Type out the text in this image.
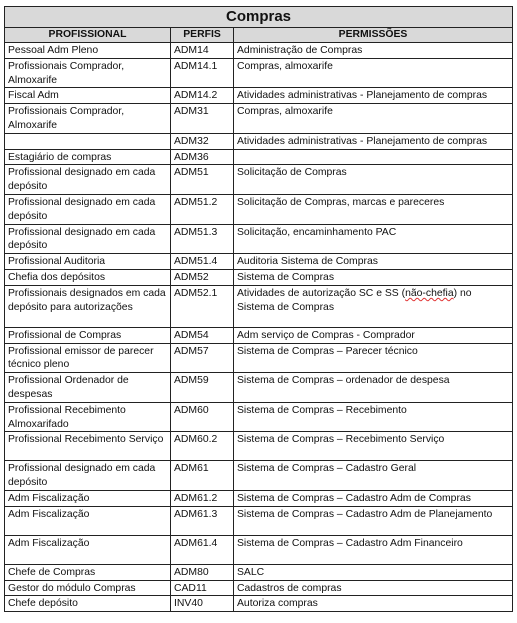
Compras		
PROFISSIONAL	PERFIS	PERMISSÕES
Pessoal Adm Pleno	ADM14	Administração de Compras
Profissionais Comprador, Almoxarife	ADM14.1	Compras, almoxarife
Fiscal Adm	ADM14.2	Atividades administrativas - Planejamento de compras
Profissionais Comprador, Almoxarife	ADM31	Compras, almoxarife
	ADM32	Atividades administrativas - Planejamento de compras
Estagiário de compras	ADM36	
Profissional designado em cada depósito	ADM51	Solicitação de Compras
Profissional designado em cada depósito	ADM51.2	Solicitação de Compras, marcas e pareceres
Profissional designado em cada depósito	ADM51.3	Solicitação, encaminhamento PAC
Profissional Auditoria	ADM51.4	Auditoria Sistema de Compras
Chefia dos depósitos	ADM52	Sistema de Compras
Profissionais designados em cada depósito para autorizações	ADM52.1	Atividades de autorização SC e SS (não-chefia) no Sistema de Compras
Profissional de Compras	ADM54	Adm serviço de Compras - Comprador
Profissional emissor de parecer técnico pleno	ADM57	Sistema de Compras – Parecer técnico
Profissional Ordenador de despesas	ADM59	Sistema de Compras – ordenador de despesa
Profissional Recebimento Almoxarifado	ADM60	Sistema de Compras – Recebimento
Profissional Recebimento Serviço	ADM60.2	Sistema de Compras – Recebimento Serviço
Profissional designado em cada depósito	ADM61	Sistema de Compras – Cadastro Geral
Adm Fiscalização	ADM61.2	Sistema de Compras – Cadastro Adm de Compras
Adm Fiscalização	ADM61.3	Sistema de Compras – Cadastro Adm de Planejamento
Adm Fiscalização	ADM61.4	Sistema de Compras – Cadastro Adm Financeiro
Chefe de Compras	ADM80	SALC
Gestor do módulo Compras	CAD11	Cadastros de compras
Chefe depósito	INV40	Autoriza compras
